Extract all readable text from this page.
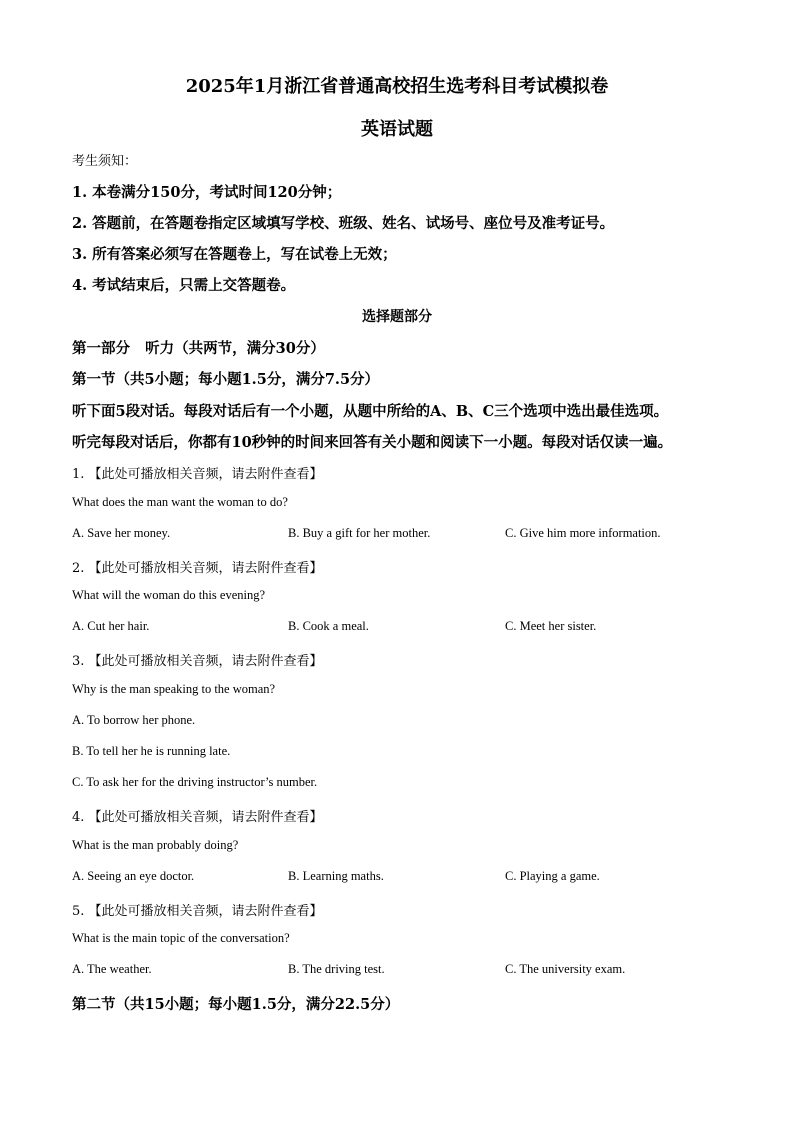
2025年1月浙江省普通高校招生选考科目考试模拟卷
英语试题
考生须知：
1. 本卷满分150分，考试时间120分钟；
2. 答题前，在答题卷指定区域填写学校、班级、姓名、试场号、座位号及准考证号。
3. 所有答案必须写在答题卷上，写在试卷上无效；
4. 考试结束后，只需上交答题卷。
选择题部分
第一部分   听力（共两节，满分30分）
第一节（共5小题；每小题1.5分，满分7.5分）
听下面5段对话。每段对话后有一个小题，从题中所给的A、B、C三个选项中选出最佳选项。
听完每段对话后，你都有10秒钟的时间来回答有关小题和阅读下一小题。每段对话仅读一遍。
1. 【此处可播放相关音频，请去附件查看】
What does the man want the woman to do?
A. Save her money.	B. Buy a gift for her mother.	C. Give him more information.
2. 【此处可播放相关音频，请去附件查看】
What will the woman do this evening?
A. Cut her hair.	B. Cook a meal.	C. Meet her sister.
3. 【此处可播放相关音频，请去附件查看】
Why is the man speaking to the woman?
A. To borrow her phone.
B. To tell her he is running late.
C. To ask her for the driving instructor’s number.
4. 【此处可播放相关音频，请去附件查看】
What is the man probably doing?
A. Seeing an eye doctor.	B. Learning maths.	C. Playing a game.
5. 【此处可播放相关音频，请去附件查看】
What is the main topic of the conversation?
A. The weather.	B. The driving test.	C. The university exam.
第二节（共15小题；每小题1.5分，满分22.5分）
